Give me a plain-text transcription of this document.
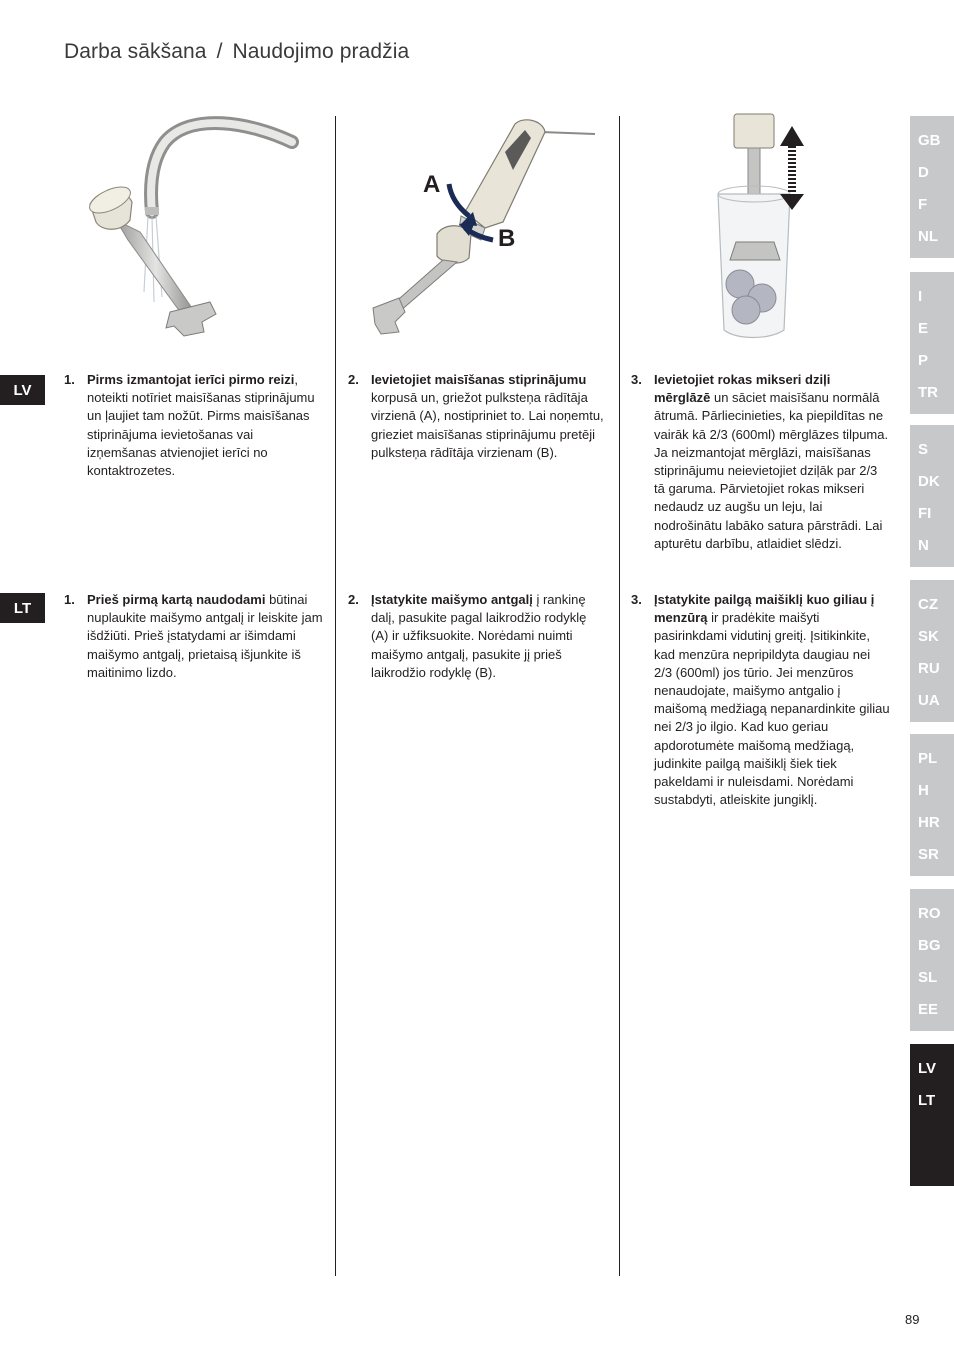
Darba sākšana / Naudojimo pradžia
A
B
LV
LT
1. Pirms izmantojat ierīci pirmo reizi, noteikti notīriet maisīšanas stiprinājumu un ļaujiet tam nožūt. Pirms maisīšanas stiprinājuma ievietošanas vai izņemšanas atvienojiet ierīci no kontaktrozetes.
2. Ievietojiet maisīšanas stiprinājumu korpusā un, griežot pulksteņa rādītāja virzienā (A), nostipriniet to. Lai noņemtu, grieziet maisīšanas stiprinājumu pretēji pulksteņa rādītāja virzienam (B).
3. Ievietojiet rokas mikseri dziļi mērglāzē un sāciet maisīšanu normālā ātrumā. Pārliecinieties, ka piepildītas ne vairāk kā 2/3 (600ml) mērglāzes tilpuma. Ja neizmantojat mērglāzi, maisīšanas stiprinājumu neievietojiet dziļāk par 2/3 tā garuma. Pārvietojiet rokas mikseri nedaudz uz augšu un leju, lai nodrošinātu labāko satura pārstrādi. Lai apturētu darbību, atlaidiet slēdzi.
1. Prieš pirmą kartą naudodami būtinai nuplaukite maišymo antgalį ir leiskite jam išdžiūti. Prieš įstatydami ar išimdami maišymo antgalį, prietaisą išjunkite iš maitinimo lizdo.
2. Įstatykite maišymo antgalį į rankinę dalį, pasukite pagal laikrodžio rodyklę (A) ir užfiksuokite. Norėdami nuimti maišymo antgalį, pasukite jį prieš laikrodžio rodyklę (B).
3. Įstatykite pailgą maišiklį kuo giliau į menzūrą ir pradėkite maišyti pasirinkdami vidutinį greitį. Įsitikinkite, kad menzūra nepripildyta daugiau nei 2/3 (600ml) jos tūrio. Jei menzūros nenaudojate, maišymo antgalio į maišomą medžiagą nepanardinkite giliau nei 2/3 jo ilgio. Kad kuo geriau apdorotumėte maišomą medžiagą, judinkite pailgą maišiklį šiek tiek pakeldami ir nuleisdami. Norėdami sustabdyti, atleiskite jungiklį.
GB
D
F
NL
I
E
P
TR
S
DK
FI
N
CZ
SK
RU
UA
PL
H
HR
SR
RO
BG
SL
EE
LV
LT
89
